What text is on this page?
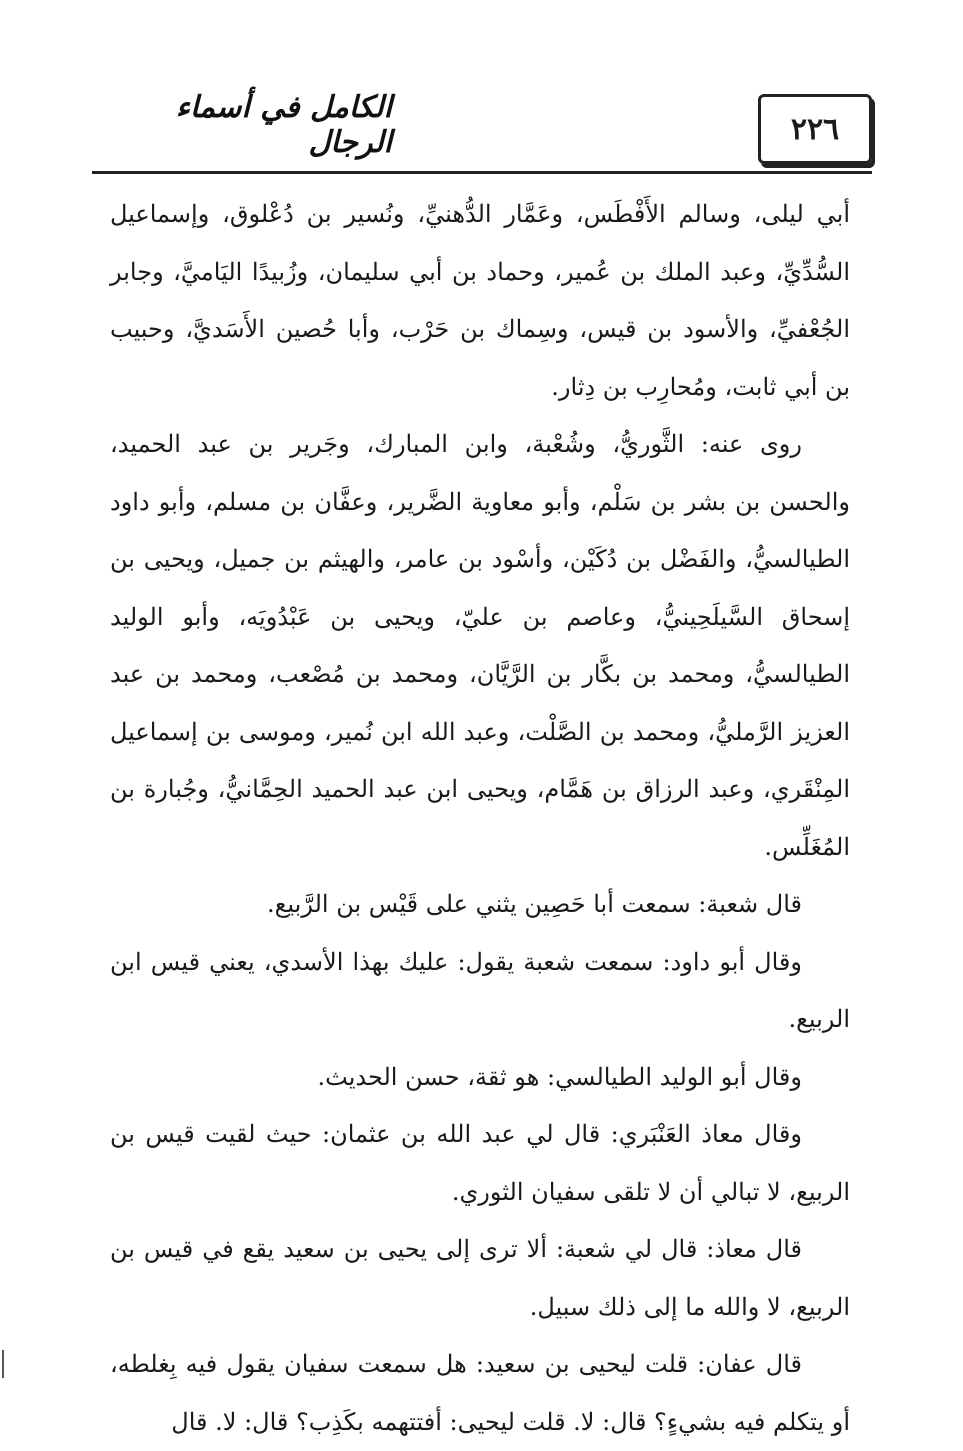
الكامل في أسماء الرجال	٢٢٦

أبي ليلى، وسالم الأَفْطَس، وعَمَّار الدُّهنيِّ، ونُسير بن دُعْلوق، وإسماعيل السُّدِّيِّ، وعبد الملك بن عُمير، وحماد بن أبي سليمان، وزُبيدًا اليَاميَّ، وجابر الجُعْفيِّ، والأسود بن قيس، وسِماك بن حَرْب، وأبا حُصين الأَسَديَّ، وحبيب بن أبي ثابت، ومُحارِب بن دِثار.

روى عنه: الثَّوريُّ، وشُعْبة، وابن المبارك، وجَرير بن عبد الحميد، والحسن بن بشر بن سَلْم، وأبو معاوية الضَّرير، وعفَّان بن مسلم، وأبو داود الطيالسيُّ، والفَضْل بن دُكَيْن، وأسْود بن عامر، والهيثم بن جميل، ويحيى بن إسحاق السَّيلَحِينيُّ، وعاصم بن عليّ، ويحيى بن عَبْدُويَه، وأبو الوليد الطيالسيُّ، ومحمد بن بكَّار بن الرَّيَّان، ومحمد بن مُصْعب، ومحمد بن عبد العزيز الرَّمليُّ، ومحمد بن الصَّلْت، وعبد الله ابن نُمير، وموسى بن إسماعيل المِنْقَري، وعبد الرزاق بن هَمَّام، ويحيى ابن عبد الحميد الحِمَّانيُّ، وجُبارة بن المُغَلِّس.

قال شعبة: سمعت أبا حَصِين يثني على قَيْس بن الرَّبيع.

وقال أبو داود: سمعت شعبة يقول: عليك بهذا الأسدي، يعني قيس ابن الربيع.

وقال أبو الوليد الطيالسي: هو ثقة، حسن الحديث.

وقال معاذ العَنْبَري: قال لي عبد الله بن عثمان: حيث لقيت قيس بن الربيع، لا تبالي أن لا تلقى سفيان الثوري.

قال معاذ: قال لي شعبة: ألا ترى إلى يحيى بن سعيد يقع في قيس بن الربيع، لا والله ما إلى ذلك سبيل.

قال عفان: قلت ليحيى بن سعيد: هل سمعت سفيان يقول فيه بِغلطه، أو يتكلم فيه بشيءٍ؟ قال: لا. قلت ليحيى: أفتتهمه بكَذِب؟ قال: لا. قال
